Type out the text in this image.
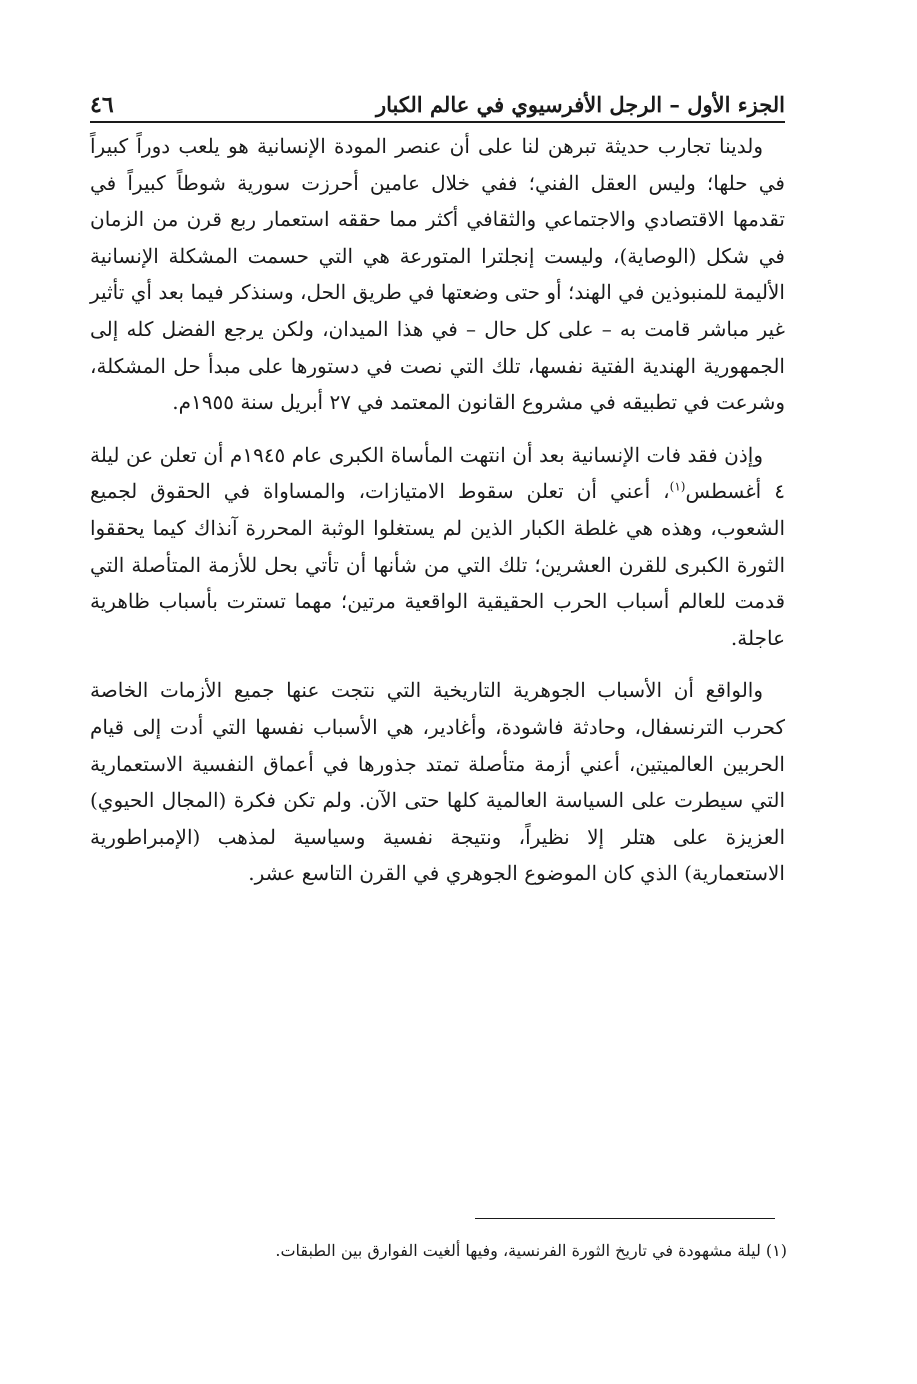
الجزء الأول – الرجل الأفرسيوي في عالم الكبار
٤٦

ولدينا تجارب حديثة تبرهن لنا على أن عنصر المودة الإنسانية هو يلعب دوراً كبيراً في حلها؛ وليس العقل الفني؛ ففي خلال عامين أحرزت سورية شوطاً كبيراً في تقدمها الاقتصادي والاجتماعي والثقافي أكثر مما حققه استعمار ربع قرن من الزمان في شكل (الوصاية)، وليست إنجلترا المتورعة هي التي حسمت المشكلة الإنسانية الأليمة للمنبوذين في الهند؛ أو حتى وضعتها في طريق الحل، وسنذكر فيما بعد أي تأثير غير مباشر قامت به – على كل حال – في هذا الميدان، ولكن يرجع الفضل كله إلى الجمهورية الهندية الفتية نفسها، تلك التي نصت في دستورها على مبدأ حل المشكلة، وشرعت في تطبيقه في مشروع القانون المعتمد في ٢٧ أبريل سنة ١٩٥٥م.

وإذن فقد فات الإنسانية بعد أن انتهت المأساة الكبرى عام ١٩٤٥م أن تعلن عن ليلة ٤ أغسطس$^{(١)}$، أعني أن تعلن سقوط الامتيازات، والمساواة في الحقوق لجميع الشعوب، وهذه هي غلطة الكبار الذين لم يستغلوا الوثبة المحررة آنذاك كيما يحققوا الثورة الكبرى للقرن العشرين؛ تلك التي من شأنها أن تأتي بحل للأزمة المتأصلة التي قدمت للعالم أسباب الحرب الحقيقية الواقعية مرتين؛ مهما تسترت بأسباب ظاهرية عاجلة.

والواقع أن الأسباب الجوهرية التاريخية التي نتجت عنها جميع الأزمات الخاصة كحرب الترنسفال، وحادثة فاشودة، وأغادير، هي الأسباب نفسها التي أدت إلى قيام الحربين العالميتين، أعني أزمة متأصلة تمتد جذورها في أعماق النفسية الاستعمارية التي سيطرت على السياسة العالمية كلها حتى الآن. ولم تكن فكرة (المجال الحيوي) العزيزة على هتلر إلا نظيراً، ونتيجة نفسية وسياسية لمذهب (الإمبراطورية الاستعمارية) الذي كان الموضوع الجوهري في القرن التاسع عشر.

(١) ليلة مشهودة في تاريخ الثورة الفرنسية، وفيها ألغيت الفوارق بين الطبقات.
